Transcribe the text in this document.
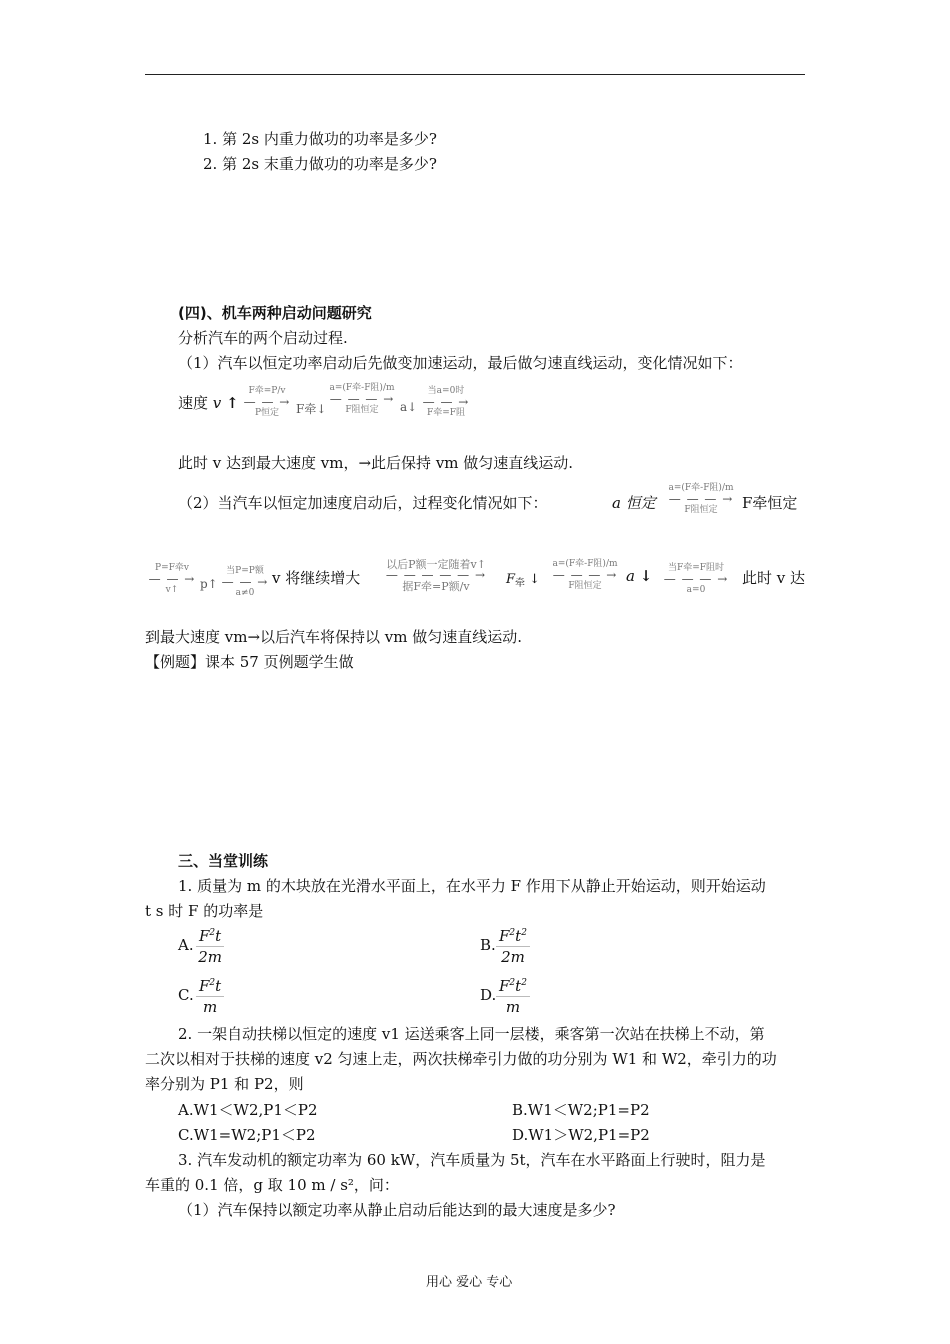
1. 第 2s 内重力做功的功率是多少?
2. 第 2s 末重力做功的功率是多少?
(四)、机车两种启动问题研究
分析汽车的两个启动过程.
（1）汽车以恒定功率启动后先做变加速运动，最后做匀速直线运动，变化情况如下：
速度 v ↑
F牵=P/v
— — →
P恒定	F牵↓
a=(F牵-F阻)/m
— — — →
F阻恒定	a↓
当a=0时
— — →
F牵=F阻
此时 v 达到最大速度 vm，→此后保持 vm 做匀速直线运动.
（2）当汽车以恒定加速度启动后，过程变化情况如下：	a 恒定
a=(F牵-F阻)/m
— — — →
F阻恒定	F牵恒定
P=F牵v
— — →
v↑	p↑
当P=P额
— — →
a≠0
v 将继续增大
以后P额一定随着v↑
— — — — — →
据F牵=P额/v	$F_牵$ ↓
a=(F牵-F阻)/m
— — — →
F阻恒定
a ↓	当F牵=F阻时
— — — →
a=0
此时 v 达
到最大速度 vm→以后汽车将保持以 vm 做匀速直线运动.
【例题】课本 57 页例题学生做
三、当堂训练
1. 质量为 m 的木块放在光滑水平面上，在水平力 F 作用下从静止开始运动，则开始运动
t s 时 F 的功率是
A. $\frac{F^2t}{2m}$	B. $\frac{F^2t^2}{2m}$
C. $\frac{F^2t}{m}$	D. $\frac{F^2t^2}{m}$
2. 一架自动扶梯以恒定的速度 v1 运送乘客上同一层楼，乘客第一次站在扶梯上不动，第
二次以相对于扶梯的速度 v2 匀速上走，两次扶梯牵引力做的功分别为 W1 和 W2，牵引力的功
率分别为 P1 和 P2，则
A.W1＜W2,P1＜P2	B.W1＜W2;P1=P2
C.W1=W2;P1＜P2	D.W1＞W2,P1=P2
3. 汽车发动机的额定功率为 60 kW，汽车质量为 5t，汽车在水平路面上行驶时，阻力是
车重的 0.1 倍，g 取 10 m / s²，问：
（1）汽车保持以额定功率从静止启动后能达到的最大速度是多少?
用心 爱心 专心
